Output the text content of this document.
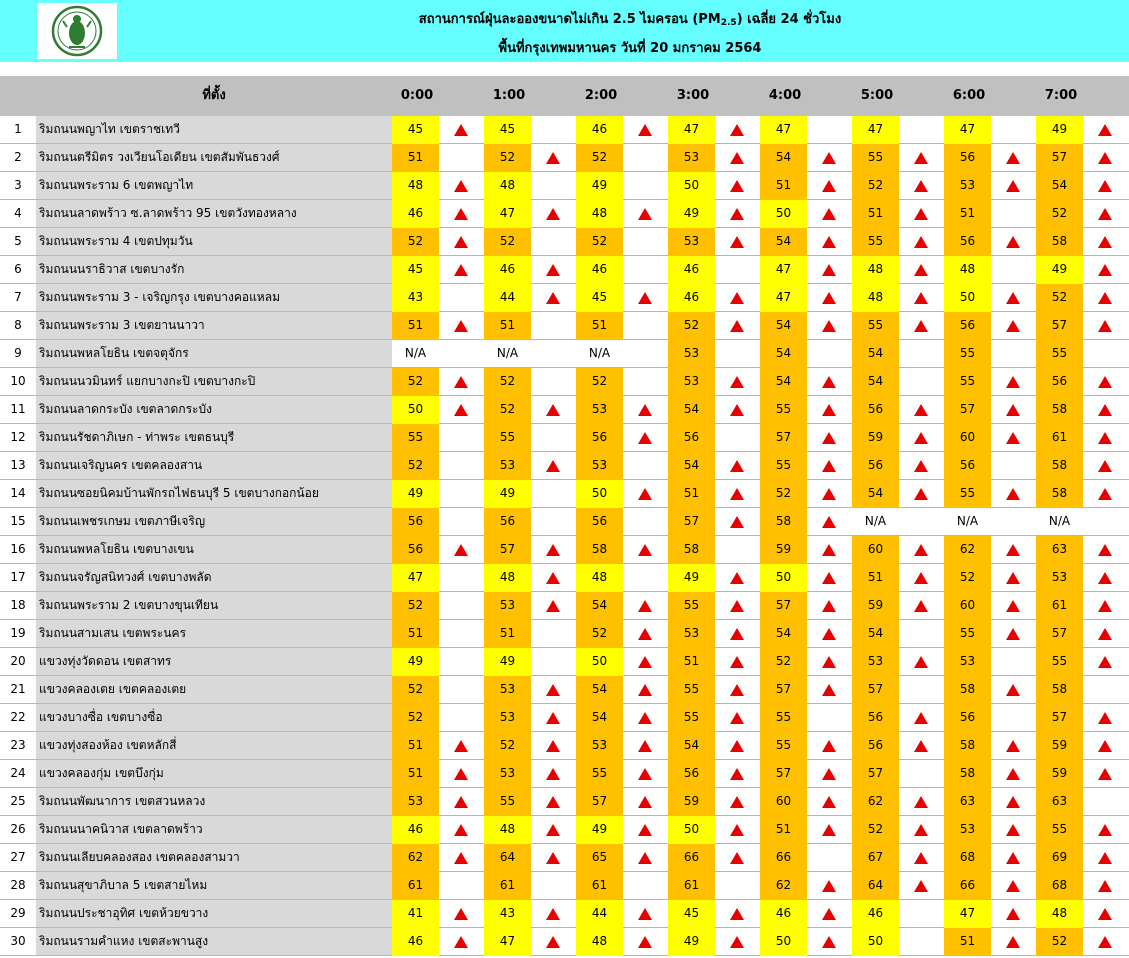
สถานการณ์ฝุ่นละอองขนาดไม่เกิน 2.5 ไมครอน $(PM_{2.5})$ เฉลี่ย 24 ชั่วโมง
พื้นที่กรุงเทพมหานคร วันที่ 20 มกราคม 2564
ที่ตั้ง	0:00	1:00	2:00	3:00	4:00	5:00	6:00	7:00
1	ริมถนนพญาไท เขตราชเทวี	45	45	46	47	47	47	47	49
2	ริมถนนตรีมิตร วงเวียนโอเดียน เขตสัมพันธวงศ์	51	52	52	53	54	55	56	57
3	ริมถนนพระราม 6 เขตพญาไท	48	48	49	50	51	52	53	54
4	ริมถนนลาดพร้าว ซ.ลาดพร้าว 95 เขตวังทองหลาง	46	47	48	49	50	51	51	52
5	ริมถนนพระราม 4 เขตปทุมวัน	52	52	52	53	54	55	56	58
6	ริมถนนนราธิวาส เขตบางรัก	45	46	46	46	47	48	48	49
7	ริมถนนพระราม 3 - เจริญกรุง เขตบางคอแหลม	43	44	45	46	47	48	50	52
8	ริมถนนพระราม 3 เขตยานนาวา	51	51	51	52	54	55	56	57
9	ริมถนนพหลโยธิน เขตจตุจักร	N/A	N/A	N/A	53	54	54	55	55
10	ริมถนนนวมินทร์ แยกบางกะปิ เขตบางกะปิ	52	52	52	53	54	54	55	56
11	ริมถนนลาดกระบัง เขตลาดกระบัง	50	52	53	54	55	56	57	58
12	ริมถนนรัชดาภิเษก - ท่าพระ เขตธนบุรี	55	55	56	56	57	59	60	61
13	ริมถนนเจริญนคร เขตคลองสาน	52	53	53	54	55	56	56	58
14	ริมถนนซอยนิคมบ้านพักรถไฟธนบุรี 5 เขตบางกอกน้อย	49	49	50	51	52	54	55	58
15	ริมถนนเพชรเกษม เขตภาษีเจริญ	56	56	56	57	58	N/A	N/A	N/A
16	ริมถนนพหลโยธิน เขตบางเขน	56	57	58	58	59	60	62	63
17	ริมถนนจรัญสนิทวงศ์ เขตบางพลัด	47	48	48	49	50	51	52	53
18	ริมถนนพระราม 2 เขตบางขุนเทียน	52	53	54	55	57	59	60	61
19	ริมถนนสามเสน เขตพระนคร	51	51	52	53	54	54	55	57
20	แขวงทุ่งวัดดอน เขตสาทร	49	49	50	51	52	53	53	55
21	แขวงคลองเตย เขตคลองเตย	52	53	54	55	57	57	58	58
22	แขวงบางซื่อ เขตบางซื่อ	52	53	54	55	55	56	56	57
23	แขวงทุ่งสองห้อง เขตหลักสี่	51	52	53	54	55	56	58	59
24	แขวงคลองกุ่ม เขตบึงกุ่ม	51	53	55	56	57	57	58	59
25	ริมถนนพัฒนาการ เขตสวนหลวง	53	55	57	59	60	62	63	63
26	ริมถนนนาคนิวาส เขตลาดพร้าว	46	48	49	50	51	52	53	55
27	ริมถนนเลียบคลองสอง เขตคลองสามวา	62	64	65	66	66	67	68	69
28	ริมถนนสุขาภิบาล 5 เขตสายไหม	61	61	61	61	62	64	66	68
29	ริมถนนประชาอุทิศ เขตห้วยขวาง	41	43	44	45	46	46	47	48
30	ริมถนนรามคำแหง เขตสะพานสูง	46	47	48	49	50	50	51	52
